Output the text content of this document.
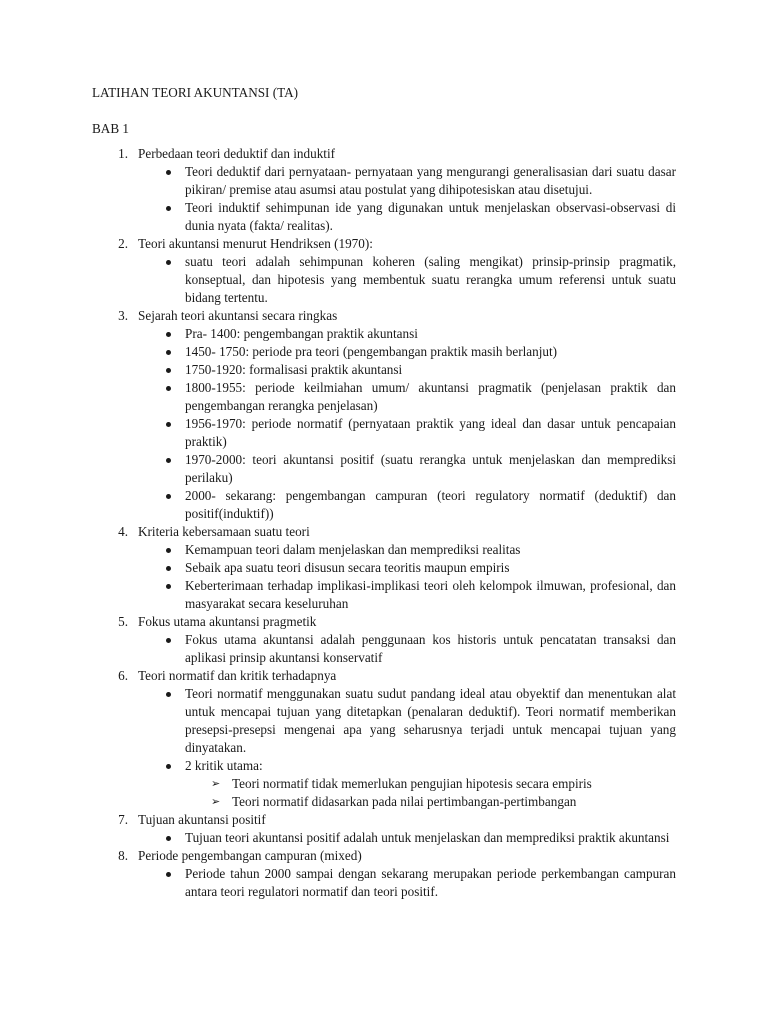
LATIHAN TEORI AKUNTANSI (TA)
BAB 1
1. Perbedaan teori deduktif dan induktif
Teori deduktif dari pernyataan- pernyataan yang mengurangi generalisasian dari suatu dasar pikiran/ premise atau asumsi atau postulat yang dihipotesiskan atau disetujui.
Teori induktif sehimpunan ide yang digunakan untuk menjelaskan observasi-observasi di dunia nyata (fakta/ realitas).
2. Teori akuntansi menurut Hendriksen (1970):
suatu teori adalah sehimpunan koheren (saling mengikat) prinsip-prinsip pragmatik, konseptual, dan hipotesis yang membentuk suatu rerangka umum referensi untuk suatu bidang tertentu.
3. Sejarah teori akuntansi secara ringkas
Pra- 1400: pengembangan praktik akuntansi
1450- 1750: periode pra teori (pengembangan praktik masih berlanjut)
1750-1920: formalisasi praktik akuntansi
1800-1955: periode keilmiahan umum/ akuntansi pragmatik (penjelasan praktik dan pengembangan rerangka penjelasan)
1956-1970: periode normatif (pernyataan praktik yang ideal dan dasar untuk pencapaian praktik)
1970-2000: teori akuntansi positif (suatu rerangka untuk menjelaskan dan memprediksi perilaku)
2000- sekarang: pengembangan campuran (teori regulatory normatif (deduktif) dan positif(induktif))
4. Kriteria kebersamaan suatu teori
Kemampuan teori dalam menjelaskan dan memprediksi realitas
Sebaik apa suatu teori disusun secara teoritis maupun empiris
Keberterimaan terhadap implikasi-implikasi teori oleh kelompok ilmuwan, profesional, dan masyarakat secara keseluruhan
5. Fokus utama akuntansi pragmetik
Fokus utama akuntansi adalah penggunaan kos historis untuk pencatatan transaksi dan aplikasi prinsip akuntansi konservatif
6. Teori normatif dan kritik terhadapnya
Teori normatif menggunakan suatu sudut pandang ideal atau obyektif dan menentukan alat untuk mencapai tujuan yang ditetapkan (penalaran deduktif). Teori normatif memberikan presepsi-presepsi mengenai apa yang seharusnya terjadi untuk mencapai tujuan yang dinyatakan.
2 kritik utama:
➢ Teori normatif tidak memerlukan pengujian hipotesis secara empiris
➢ Teori normatif didasarkan pada nilai pertimbangan-pertimbangan
7. Tujuan akuntansi positif
Tujuan teori akuntansi positif adalah untuk menjelaskan dan memprediksi praktik akuntansi
8. Periode pengembangan campuran (mixed)
Periode tahun 2000 sampai dengan sekarang merupakan periode perkembangan campuran antara teori regulatori normatif dan teori positif.
